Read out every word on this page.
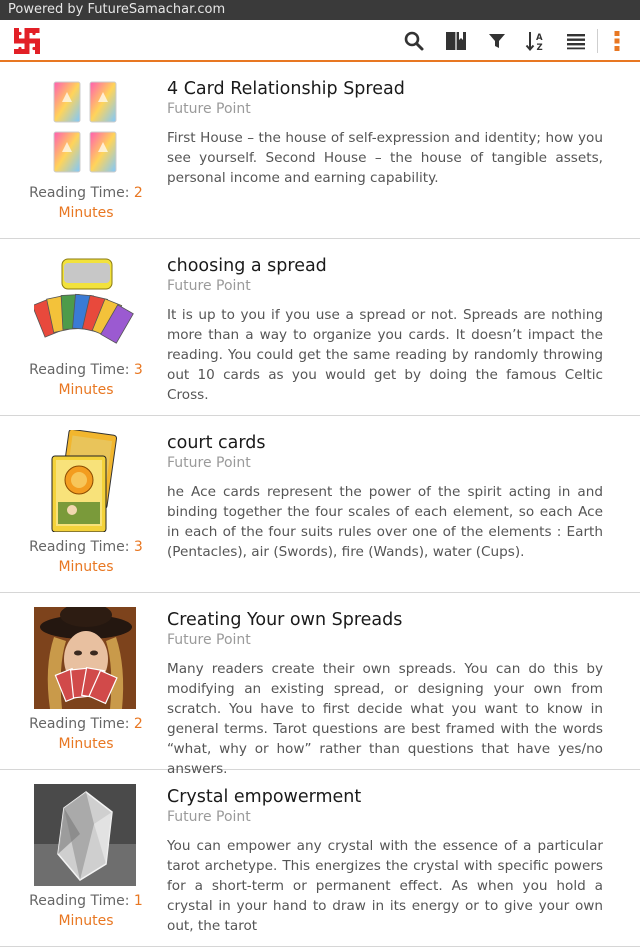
Powered by FutureSamachar.com
A
Z
Reading Time: 2
Minutes
4 Card Relationship Spread
Future Point
First House – the house of self-expression and identity; how you see yourself. Second House – the house of tangible assets, personal income and earning capability.
Reading Time: 3
Minutes
choosing a spread
Future Point
It is up to you if you use a spread or not. Spreads are nothing more than a way to organize you cards. It doesn’t impact the reading. You could get the same reading by randomly throwing out 10 cards as you would get by doing the famous Celtic Cross.
Reading Time: 3
Minutes
court cards
Future Point
he Ace cards represent the power of the spirit acting in and binding together the four scales of each element, so each Ace in each of the four suits rules over one of the elements : Earth (Pentacles), air (Swords), fire (Wands), water (Cups).
Reading Time: 2
Minutes
Creating Your own Spreads
Future Point
Many readers create their own spreads. You can do this by modifying an existing spread, or designing your own from scratch. You have to first decide what you want to know in general terms. Tarot questions are best framed with the words “what, why or how” rather than questions that have yes/no answers.
Reading Time: 1
Minutes
Crystal empowerment
Future Point
You can empower any crystal with the essence of a particular tarot archetype. This energizes the crystal with specific powers for a short-term or permanent effect. As when you hold a crystal in your hand to draw in its energy or to give your own out, the tarot
